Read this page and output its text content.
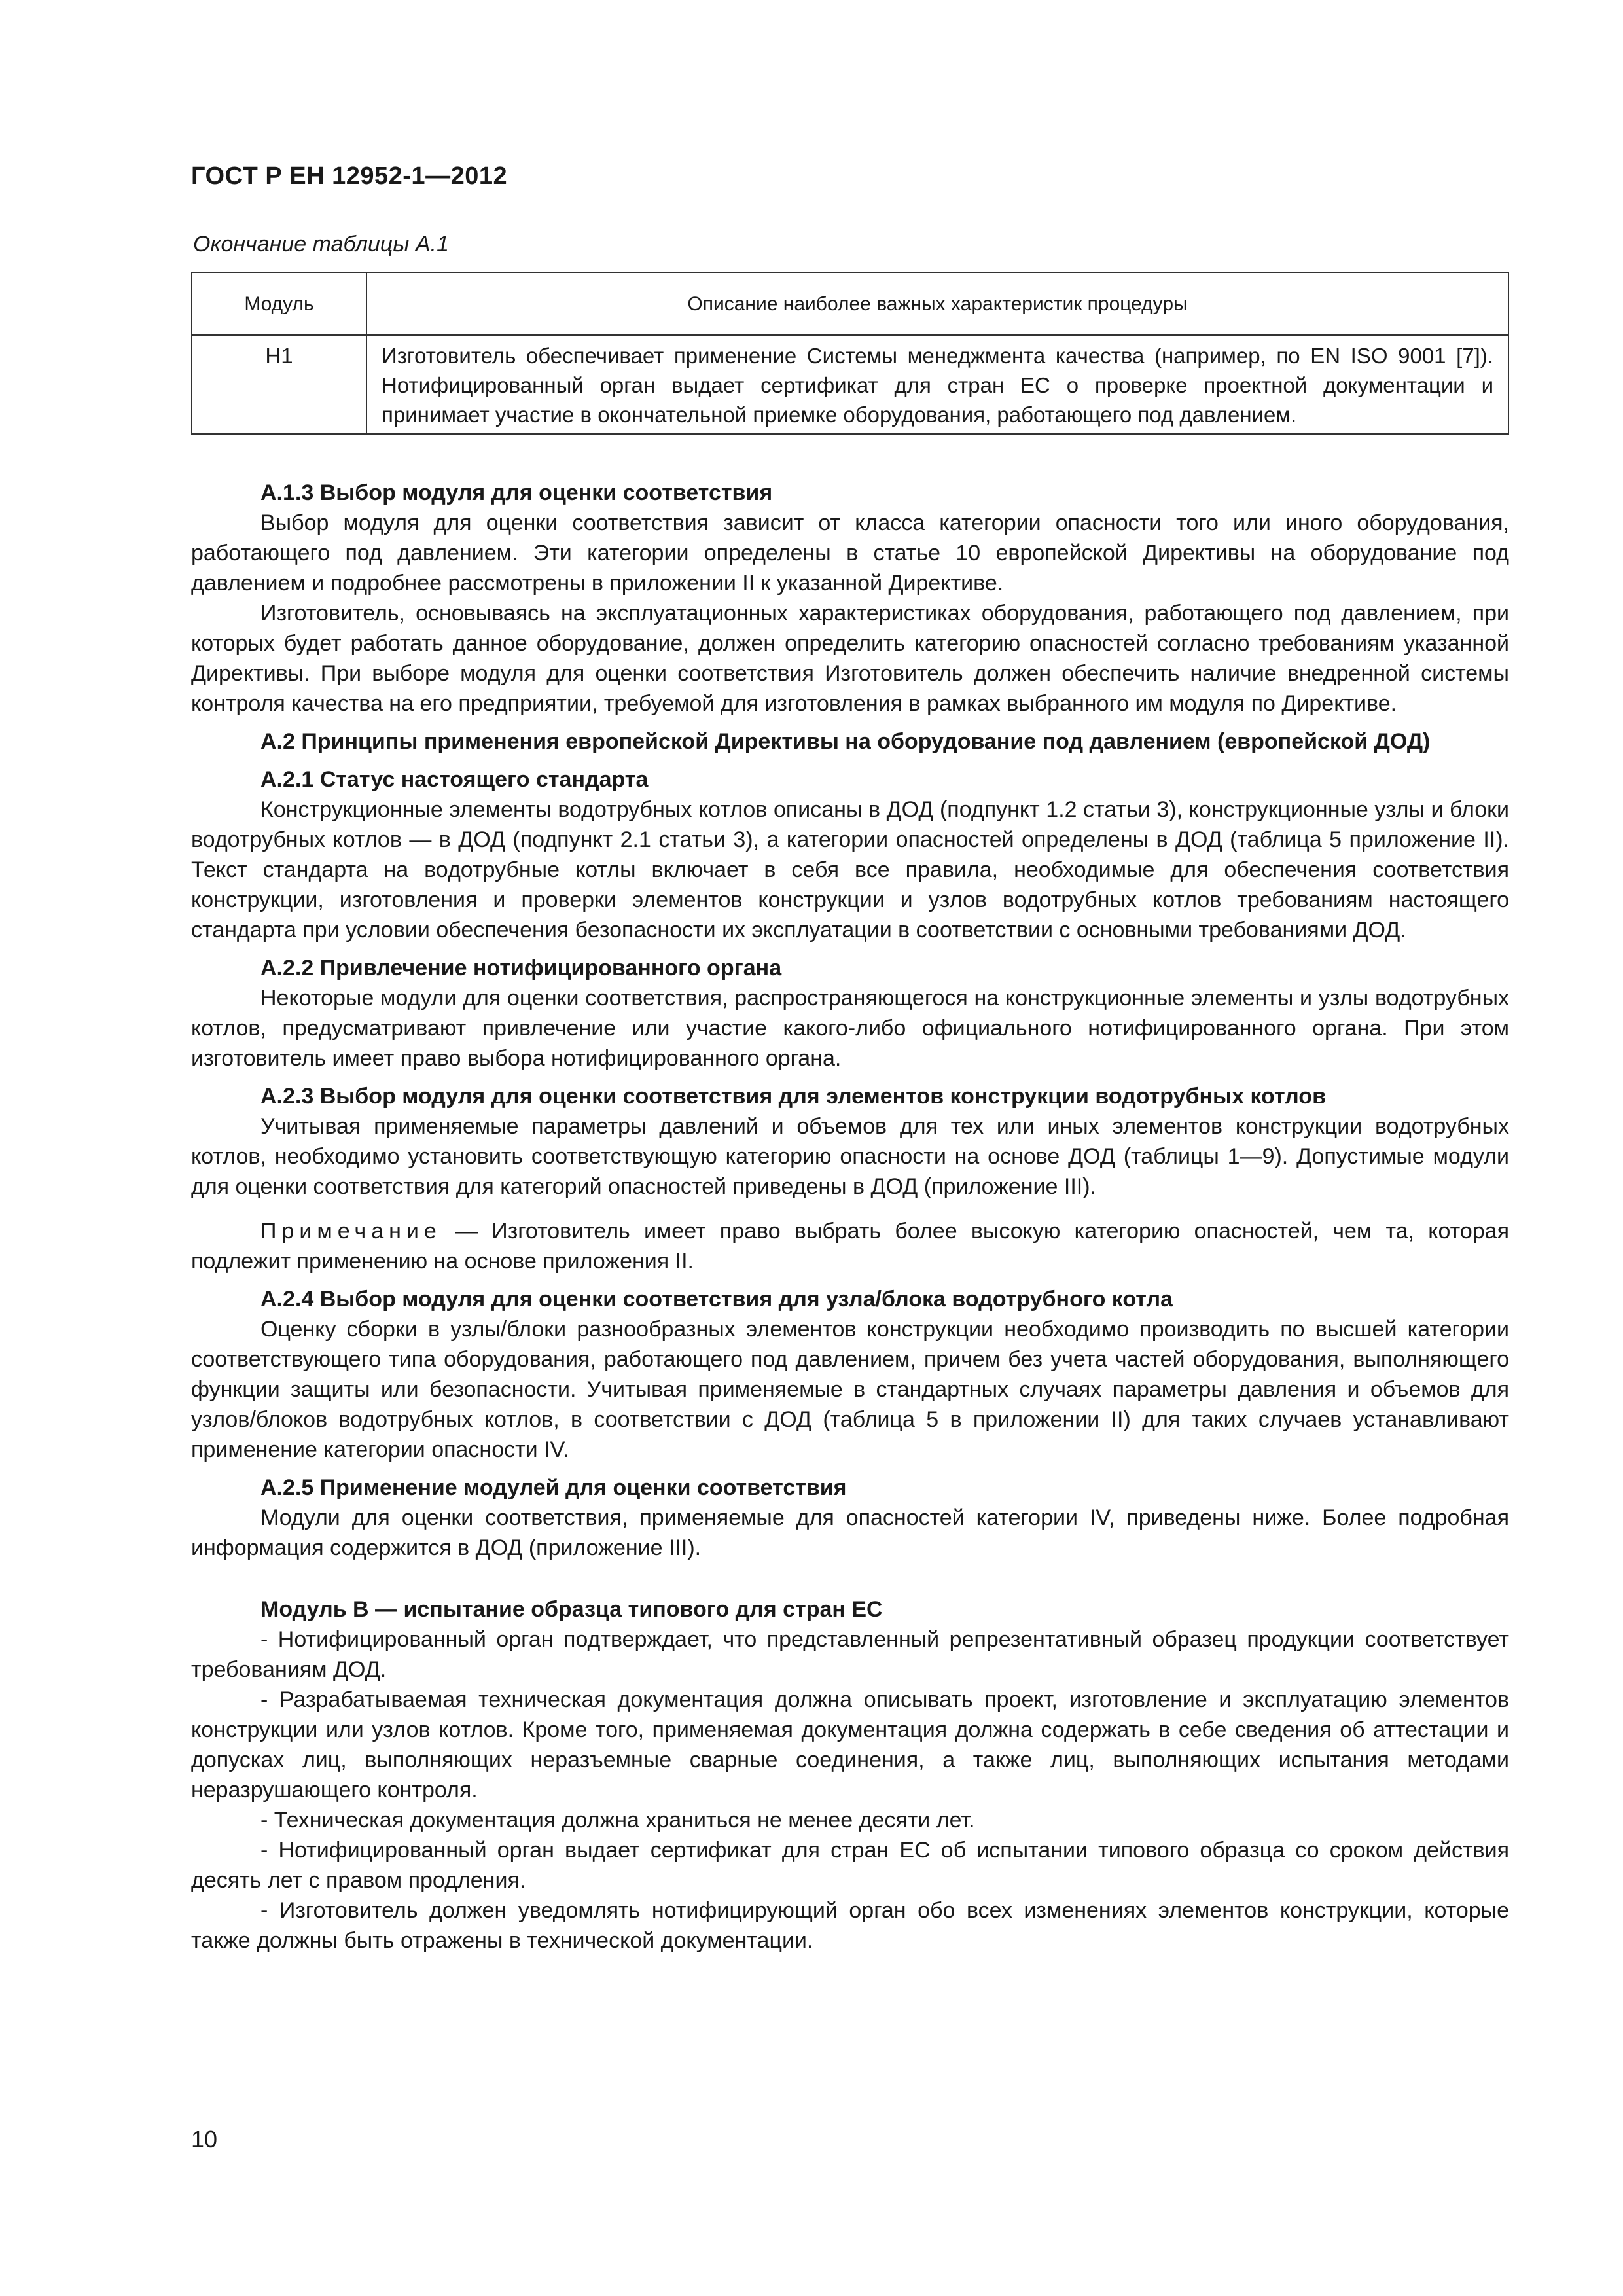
ГОСТ Р ЕН 12952-1—2012
Окончание таблицы А.1
Модуль	Описание наиболее важных характеристик процедуры
H1	Изготовитель обеспечивает применение Системы менеджмента качества (например, по EN ISO 9001 [7]). Нотифицированный орган выдает сертификат для стран ЕС о проверке проектной документации и принимает участие в окончательной приемке оборудования, работающего под давлением.
А.1.3 Выбор модуля для оценки соответствия

Выбор модуля для оценки соответствия зависит от класса категории опасности того или иного оборудования, работающего под давлением. Эти категории определены в статье 10 европейской Директивы на оборудование под давлением и подробнее рассмотрены в приложении II к указанной Директиве.

Изготовитель, основываясь на эксплуатационных характеристиках оборудования, работающего под давлением, при которых будет работать данное оборудование, должен определить категорию опасностей согласно требованиям указанной Директивы. При выборе модуля для оценки соответствия Изготовитель должен обеспечить наличие внедренной системы контроля качества на его предприятии, требуемой для изготовления в рамках выбранного им модуля по Директиве.

А.2 Принципы применения европейской Директивы на оборудование под давлением (европейской ДОД)
А.2.1 Статус настоящего стандарта

Конструкционные элементы водотрубных котлов описаны в ДОД (подпункт 1.2 статьи 3), конструкционные узлы и блоки водотрубных котлов — в ДОД (подпункт 2.1 статьи 3), а категории опасностей определены в ДОД (таблица 5 приложение II). Текст стандарта на водотрубные котлы включает в себя все правила, необходимые для обеспечения соответствия конструкции, изготовления и проверки элементов конструкции и узлов водотрубных котлов требованиям настоящего стандарта при условии обеспечения безопасности их эксплуатации в соответствии с основными требованиями ДОД.

А.2.2 Привлечение нотифицированного органа

Некоторые модули для оценки соответствия, распространяющегося на конструкционные элементы и узлы водотрубных котлов, предусматривают привлечение или участие какого-либо официального нотифицированного органа. При этом изготовитель имеет право выбора нотифицированного органа.

А.2.3 Выбор модуля для оценки соответствия для элементов конструкции водотрубных котлов

Учитывая применяемые параметры давлений и объемов для тех или иных элементов конструкции водотрубных котлов, необходимо установить соответствующую категорию опасности на основе ДОД (таблицы 1—9). Допустимые модули для оценки соответствия для категорий опасностей приведены в ДОД (приложение III).

Примечание — Изготовитель имеет право выбрать более высокую категорию опасностей, чем та, которая подлежит применению на основе приложения II.

А.2.4 Выбор модуля для оценки соответствия для узла/блока водотрубного котла

Оценку сборки в узлы/блоки разнообразных элементов конструкции необходимо производить по высшей категории соответствующего типа оборудования, работающего под давлением, причем без учета частей оборудования, выполняющего функции защиты или безопасности. Учитывая применяемые в стандартных случаях параметры давления и объемов для узлов/блоков водотрубных котлов, в соответствии с ДОД (таблица 5 в приложении II) для таких случаев устанавливают применение категории опасности IV.

А.2.5 Применение модулей для оценки соответствия

Модули для оценки соответствия, применяемые для опасностей категории IV, приведены ниже. Более подробная информация содержится в ДОД (приложение III).

Модуль В — испытание образца типового для стран ЕС

- Нотифицированный орган подтверждает, что представленный репрезентативный образец продукции соответствует требованиям ДОД.

- Разрабатываемая техническая документация должна описывать проект, изготовление и эксплуатацию элементов конструкции или узлов котлов. Кроме того, применяемая документация должна содержать в себе сведения об аттестации и допусках лиц, выполняющих неразъемные сварные соединения, а также лиц, выполняющих испытания методами неразрушающего контроля.

- Техническая документация должна храниться не менее десяти лет.

- Нотифицированный орган выдает сертификат для стран ЕС об испытании типового образца со сроком действия десять лет с правом продления.

- Изготовитель должен уведомлять нотифицирующий орган обо всех изменениях элементов конструкции, которые также должны быть отражены в технической документации.

10
